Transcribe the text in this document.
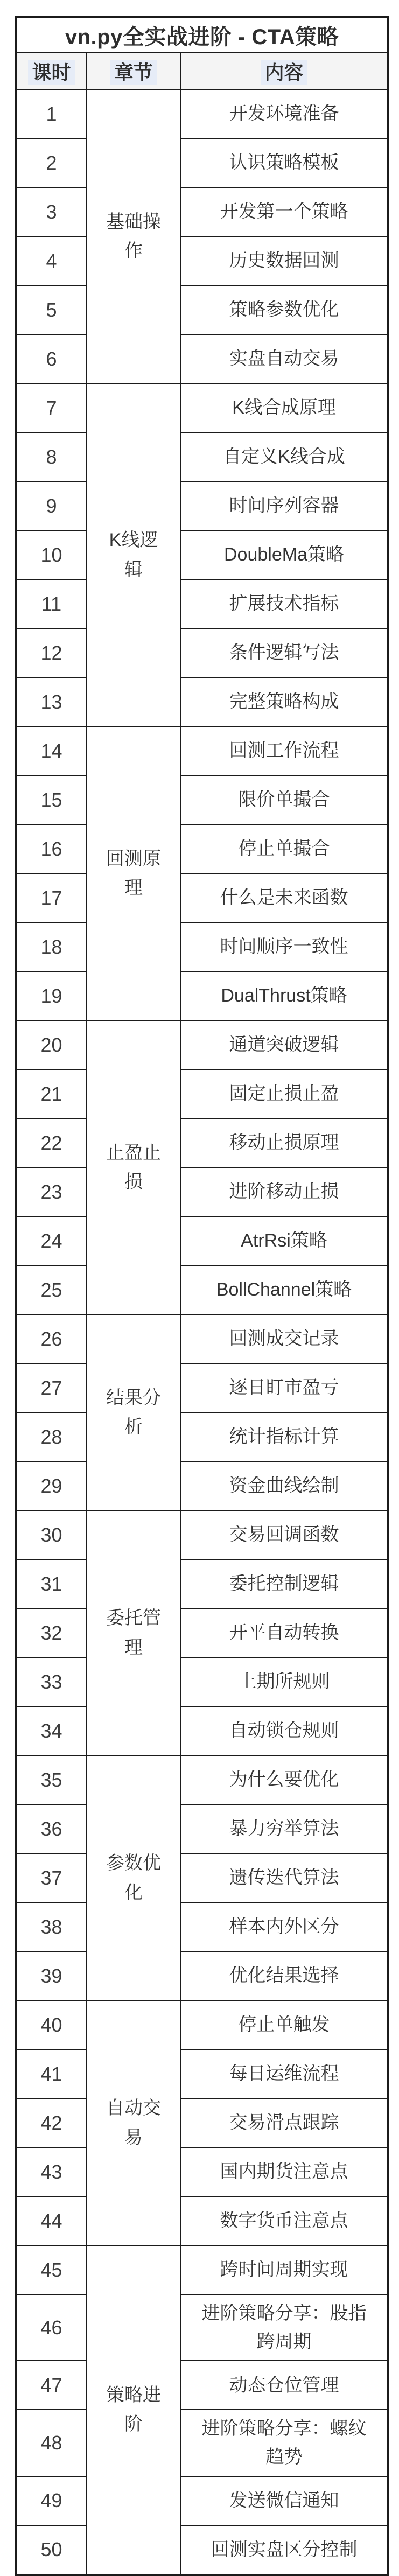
vn.py全实战进阶 - CTA策略		
课时	章节	内容
1	基础操作	开发环境准备
2		认识策略模板
3		开发第一个策略
4		历史数据回测
5		策略参数优化
6		实盘自动交易
7	K线逻辑	K线合成原理
8		自定义K线合成
9		时间序列容器
10		DoubleMa策略
11		扩展技术指标
12		条件逻辑写法
13		完整策略构成
14	回测原理	回测工作流程
15		限价单撮合
16		停止单撮合
17		什么是未来函数
18		时间顺序一致性
19		DualThrust策略
20	止盈止损	通道突破逻辑
21		固定止损止盈
22		移动止损原理
23		进阶移动止损
24		AtrRsi策略
25		BollChannel策略
26	结果分析	回测成交记录
27		逐日盯市盈亏
28		统计指标计算
29		资金曲线绘制
30	委托管理	交易回调函数
31		委托控制逻辑
32		开平自动转换
33		上期所规则
34		自动锁仓规则
35	参数优化	为什么要优化
36		暴力穷举算法
37		遗传迭代算法
38		样本内外区分
39		优化结果选择
40	自动交易	停止单触发
41		每日运维流程
42		交易滑点跟踪
43		国内期货注意点
44		数字货币注意点
45	策略进阶	跨时间周期实现
46		进阶策略分享：股指跨周期
47		动态仓位管理
48		进阶策略分享：螺纹趋势
49		发送微信通知
50		回测实盘区分控制
